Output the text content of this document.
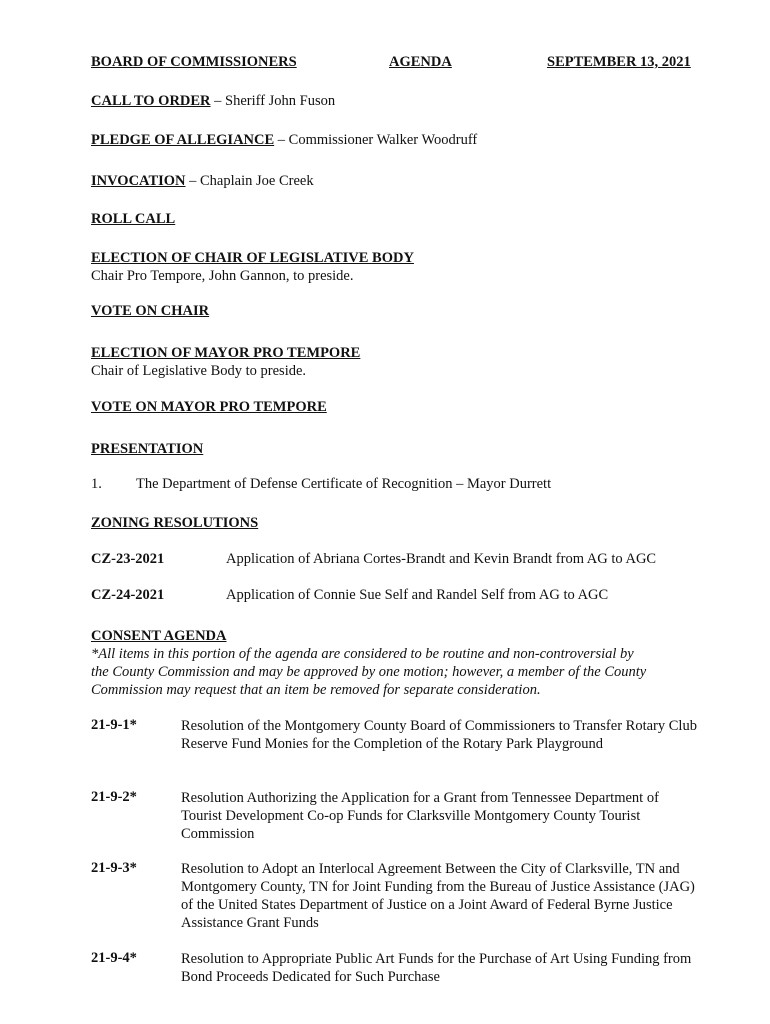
BOARD OF COMMISSIONERS	AGENDA	SEPTEMBER 13, 2021
CALL TO ORDER – Sheriff John Fuson
PLEDGE OF ALLEGIANCE – Commissioner Walker Woodruff
INVOCATION – Chaplain Joe Creek
ROLL CALL
ELECTION OF CHAIR OF LEGISLATIVE BODY
Chair Pro Tempore, John Gannon, to preside.
VOTE ON CHAIR
ELECTION OF MAYOR PRO TEMPORE
Chair of Legislative Body to preside.
VOTE ON MAYOR PRO TEMPORE
PRESENTATION
1. The Department of Defense Certificate of Recognition – Mayor Durrett
ZONING RESOLUTIONS
CZ-23-2021	Application of Abriana Cortes-Brandt and Kevin Brandt from AG to AGC
CZ-24-2021	Application of Connie Sue Self and Randel Self from AG to AGC
CONSENT AGENDA
*All items in this portion of the agenda are considered to be routine and non-controversial by
the County Commission and may be approved by one motion; however, a member of the County
Commission may request that an item be removed for separate consideration.
21-9-1*	Resolution of the Montgomery County Board of Commissioners to Transfer Rotary Club Reserve Fund Monies for the Completion of the Rotary Park Playground
21-9-2*	Resolution Authorizing the Application for a Grant from Tennessee Department of Tourist Development Co-op Funds for Clarksville Montgomery County Tourist Commission
21-9-3*	Resolution to Adopt an Interlocal Agreement Between the City of Clarksville, TN and Montgomery County, TN for Joint Funding from the Bureau of Justice Assistance (JAG) of the United States Department of Justice on a Joint Award of Federal Byrne Justice Assistance Grant Funds
21-9-4*	Resolution to Appropriate Public Art Funds for the Purchase of Art Using Funding from Bond Proceeds Dedicated for Such Purchase
